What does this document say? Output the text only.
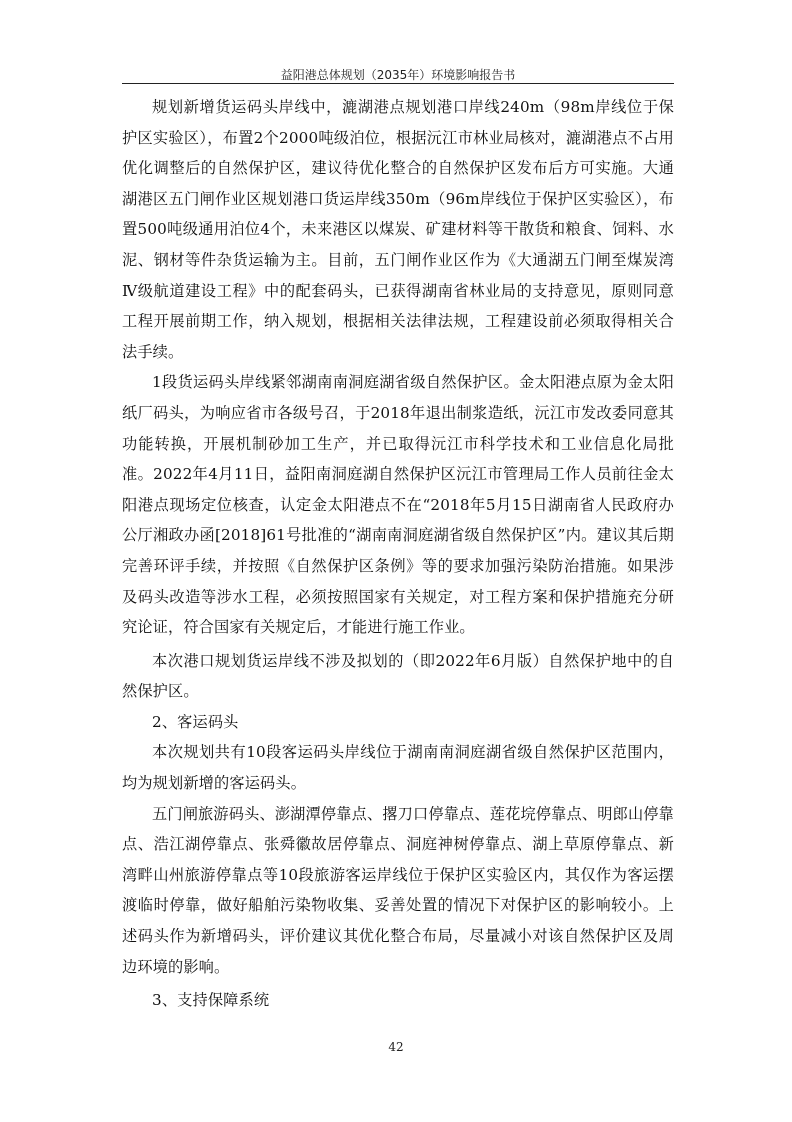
益阳港总体规划（2035年）环境影响报告书

规划新增货运码头岸线中，漉湖港点规划港口岸线240m（98m岸线位于保护区实验区），布置2个2000吨级泊位，根据沅江市林业局核对，漉湖港点不占用优化调整后的自然保护区，建议待优化整合的自然保护区发布后方可实施。大通湖港区五门闸作业区规划港口货运岸线350m（96m岸线位于保护区实验区），布置500吨级通用泊位4个，未来港区以煤炭、矿建材料等干散货和粮食、饲料、水泥、钢材等件杂货运输为主。目前，五门闸作业区作为《大通湖五门闸至煤炭湾Ⅳ级航道建设工程》中的配套码头，已获得湖南省林业局的支持意见，原则同意工程开展前期工作，纳入规划，根据相关法律法规，工程建设前必须取得相关合法手续。

1段货运码头岸线紧邻湖南南洞庭湖省级自然保护区。金太阳港点原为金太阳纸厂码头，为响应省市各级号召，于2018年退出制浆造纸，沅江市发改委同意其功能转换，开展机制砂加工生产，并已取得沅江市科学技术和工业信息化局批准。2022年4月11日，益阳南洞庭湖自然保护区沅江市管理局工作人员前往金太阳港点现场定位核查，认定金太阳港点不在“2018年5月15日湖南省人民政府办公厅湘政办函[2018]61号批准的“湖南南洞庭湖省级自然保护区”内。建议其后期完善环评手续，并按照《自然保护区条例》等的要求加强污染防治措施。如果涉及码头改造等涉水工程，必须按照国家有关规定，对工程方案和保护措施充分研究论证，符合国家有关规定后，才能进行施工作业。

本次港口规划货运岸线不涉及拟划的（即2022年6月版）自然保护地中的自然保护区。

2、客运码头

本次规划共有10段客运码头岸线位于湖南南洞庭湖省级自然保护区范围内，均为规划新增的客运码头。

五门闸旅游码头、澎湖潭停靠点、撂刀口停靠点、莲花垸停靠点、明郎山停靠点、浩江湖停靠点、张舜徽故居停靠点、洞庭神树停靠点、湖上草原停靠点、新湾畔山州旅游停靠点等10段旅游客运岸线位于保护区实验区内，其仅作为客运摆渡临时停靠，做好船舶污染物收集、妥善处置的情况下对保护区的影响较小。上述码头作为新增码头，评价建议其优化整合布局，尽量减小对该自然保护区及周边环境的影响。

3、支持保障系统

42
